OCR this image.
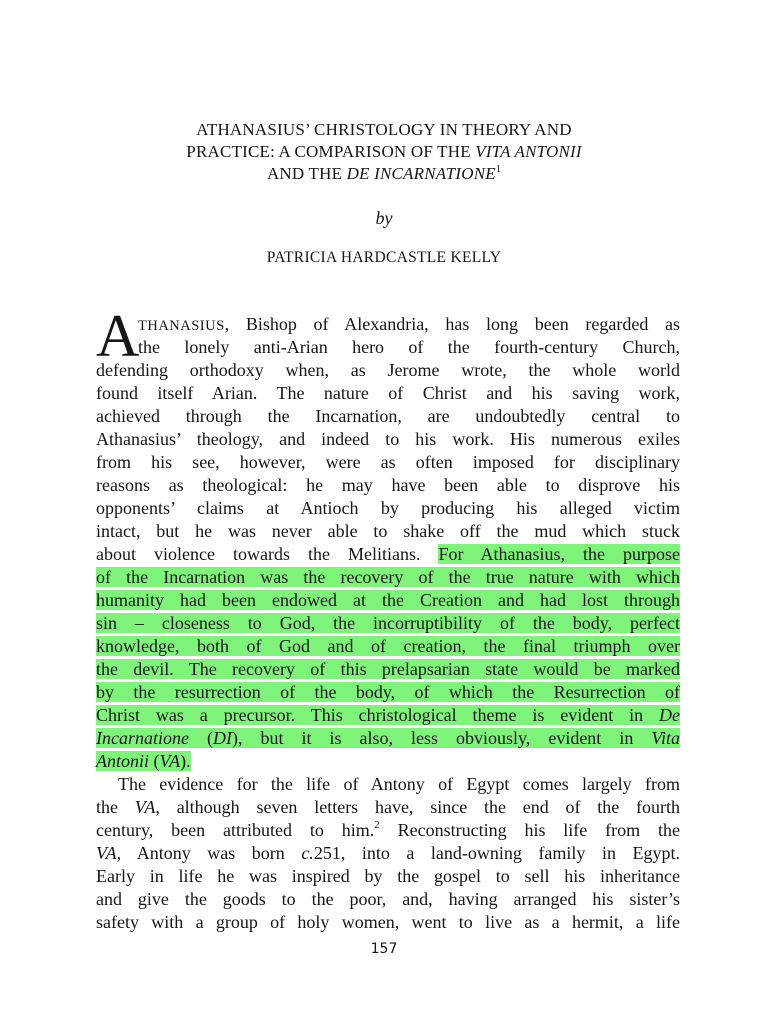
ATHANASIUS’ CHRISTOLOGY IN THEORY AND
PRACTICE: A COMPARISON OF THE VITA ANTONII
AND THE DE INCARNATIONE$^1$
by
PATRICIA HARDCASTLE KELLY
A
THANASIUS, Bishop of Alexandria, has long been regarded as
the lonely anti-Arian hero of the fourth-century Church,
defending orthodoxy when, as Jerome wrote, the whole world
found itself Arian. The nature of Christ and his saving work,
achieved through the Incarnation, are undoubtedly central to
Athanasius’ theology, and indeed to his work. His numerous exiles
from his see, however, were as often imposed for disciplinary
reasons as theological: he may have been able to disprove his
opponents’ claims at Antioch by producing his alleged victim
intact, but he was never able to shake off the mud which stuck
about violence towards the Melitians. For Athanasius, the purpose
of the Incarnation was the recovery of the true nature with which
humanity had been endowed at the Creation and had lost through
sin – closeness to God, the incorruptibility of the body, perfect
knowledge, both of God and of creation, the final triumph over
the devil. The recovery of this prelapsarian state would be marked
by the resurrection of the body, of which the Resurrection of
Christ was a precursor. This christological theme is evident in De
Incarnatione (DI), but it is also, less obviously, evident in Vita
Antonii (VA).
The evidence for the life of Antony of Egypt comes largely from
the VA, although seven letters have, since the end of the fourth
century, been attributed to him.$^2$ Reconstructing his life from the
VA, Antony was born c.251, into a land-owning family in Egypt.
Early in life he was inspired by the gospel to sell his inheritance
and give the goods to the poor, and, having arranged his sister’s
safety with a group of holy women, went to live as a hermit, a life
157
